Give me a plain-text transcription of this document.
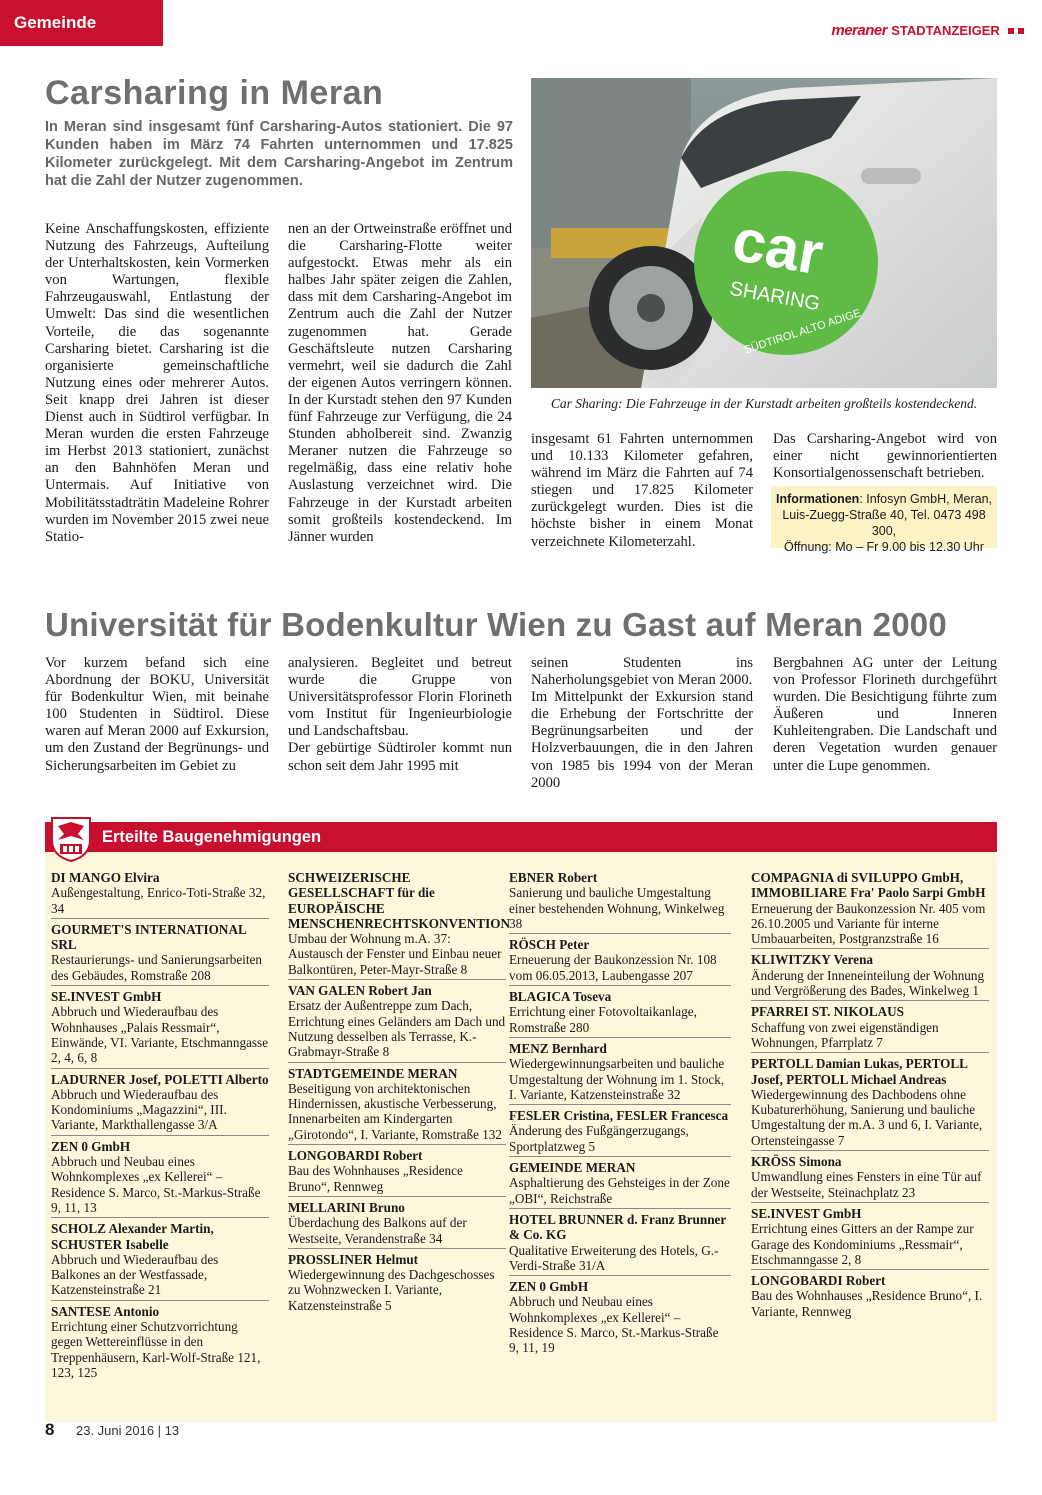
Gemeinde	meraner STADTANZEIGER
Carsharing in Meran
In Meran sind insgesamt fünf Carsharing-Autos stationiert. Die 97 Kunden haben im März 74 Fahrten unternommen und 17.825 Kilometer zurückgelegt. Mit dem Carsharing-Angebot im Zentrum hat die Zahl der Nutzer zugenommen.
Keine Anschaffungskosten, effiziente Nutzung des Fahrzeugs, Aufteilung der Unterhaltskosten, kein Vormerken von Wartungen, flexible Fahrzeugauswahl, Entlastung der Umwelt: Das sind die wesentlichen Vorteile, die das sogenannte Carsharing bietet. Carsharing ist die organisierte gemeinschaftliche Nutzung eines oder mehrerer Autos. Seit knapp drei Jahren ist dieser Dienst auch in Südtirol verfügbar. In Meran wurden die ersten Fahrzeuge im Herbst 2013 stationiert, zunächst an den Bahnhöfen Meran und Untermais. Auf Initiative von Mobilitätsstadträtin Madeleine Rohrer wurden im November 2015 zwei neue Statio-
nen an der Ortweinstraße eröffnet und die Carsharing-Flotte weiter aufgestockt. Etwas mehr als ein halbes Jahr später zeigen die Zahlen, dass mit dem Carsharing-Angebot im Zentrum auch die Zahl der Nutzer zugenommen hat. Gerade Geschäftsleute nutzen Carsharing vermehrt, weil sie dadurch die Zahl der eigenen Autos verringern können. In der Kurstadt stehen den 97 Kunden fünf Fahrzeuge zur Verfügung, die 24 Stunden abholbereit sind. Zwanzig Meraner nutzen die Fahrzeuge so regelmäßig, dass eine relativ hohe Auslastung verzeichnet wird. Die Fahrzeuge in der Kurstadt arbeiten somit großteils kostendeckend. Im Jänner wurden
insgesamt 61 Fahrten unternommen und 10.133 Kilometer gefahren, während im März die Fahrten auf 74 stiegen und 17.825 Kilometer zurückgelegt wurden. Dies ist die höchste bisher in einem Monat verzeichnete Kilometerzahl.
Das Carsharing-Angebot wird von einer nicht gewinnorientierten Konsortialgenossenschaft betrieben.
car
SHARING
SÜDTIROL ALTO ADIGE
Car Sharing: Die Fahrzeuge in der Kurstadt arbeiten großteils kostendeckend.
Informationen: Infosyn GmbH, Meran,
Luis-Zuegg-Straße 40, Tel. 0473 498 300,
Öffnung: Mo – Fr 9.00 bis 12.30 Uhr
Universität für Bodenkultur Wien zu Gast auf Meran 2000
Vor kurzem befand sich eine Abordnung der BOKU, Universität für Bodenkultur Wien, mit beinahe 100 Studenten in Südtirol. Diese waren auf Meran 2000 auf Exkursion, um den Zustand der Begrünungs- und Sicherungsarbeiten im Gebiet zu
analysieren. Begleitet und betreut wurde die Gruppe von Universitätsprofessor Florin Florineth vom Institut für Ingenieurbiologie und Landschaftsbau.
Der gebürtige Südtiroler kommt nun schon seit dem Jahr 1995 mit
seinen Studenten ins Naherholungsgebiet von Meran 2000.
Im Mittelpunkt der Exkursion stand die Erhebung der Fortschritte der Begrünungsarbeiten und der Holzverbauungen, die in den Jahren von 1985 bis 1994 von der Meran 2000
Bergbahnen AG unter der Leitung von Professor Florineth durchgeführt wurden. Die Besichtigung führte zum Äußeren und Inneren Kuhleitengraben. Die Landschaft und deren Vegetation wurden genauer unter die Lupe genommen.
Erteilte Baugenehmigungen
DI MANGO Elvira
Außengestaltung, Enrico-Toti-Straße 32, 34
GOURMET'S INTERNATIONAL SRL
Restaurierungs- und Sanierungsarbeiten des Gebäudes, Romstraße 208
SE.INVEST GmbH
Abbruch und Wiederaufbau des Wohnhauses „Palais Ressmair“, Einwände, VI. Variante, Etschmanngasse 2, 4, 6, 8
LADURNER Josef, POLETTI Alberto
Abbruch und Wiederaufbau des Kondominiums „Magazzini“, III. Variante, Markthallengasse 3/A
ZEN 0 GmbH
Abbruch und Neubau eines Wohnkomplexes „ex Kellerei“ – Residence S. Marco, St.-Markus-Straße 9, 11, 13
SCHOLZ Alexander Martin, SCHUSTER Isabelle
Abbruch und Wiederaufbau des Balkones an der Westfassade, Katzensteinstraße 21
SANTESE Antonio
Errichtung einer Schutzvorrichtung gegen Wettereinflüsse in den Treppenhäusern, Karl-Wolf-Straße 121, 123, 125
SCHWEIZERISCHE GESELLSCHAFT für die EUROPÄISCHE MENSCHENRECHTSKONVENTION
Umbau der Wohnung m.A. 37: Austausch der Fenster und Einbau neuer Balkontüren, Peter-Mayr-Straße 8
VAN GALEN Robert Jan
Ersatz der Außentreppe zum Dach, Errichtung eines Geländers am Dach und Nutzung desselben als Terrasse, K.-Grabmayr-Straße 8
STADTGEMEINDE MERAN
Beseitigung von architektonischen Hindernissen, akustische Verbesserung, Innenarbeiten am Kindergarten „Girotondo“, I. Variante, Romstraße 132
LONGOBARDI Robert
Bau des Wohnhauses „Residence Bruno“, Rennweg
MELLARINI Bruno
Überdachung des Balkons auf der Westseite, Verandenstraße 34
PROSSLINER Helmut
Wiedergewinnung des Dachgeschosses zu Wohnzwecken I. Variante, Katzensteinstraße 5
EBNER Robert
Sanierung und bauliche Umgestaltung einer bestehenden Wohnung, Winkelweg 38
RÖSCH Peter
Erneuerung der Baukonzession Nr. 108 vom 06.05.2013, Laubengasse 207
BLAGICA Toseva
Errichtung einer Fotovoltaikanlage, Romstraße 280
MENZ Bernhard
Wiedergewinnungsarbeiten und bauliche Umgestaltung der Wohnung im 1. Stock, I. Variante, Katzensteinstraße 32
FESLER Cristina, FESLER Francesca
Änderung des Fußgängerzugangs, Sportplatzweg 5
GEMEINDE MERAN
Asphaltierung des Gehsteiges in der Zone „OBI“, Reichstraße
HOTEL BRUNNER d. Franz Brunner & Co. KG
Qualitative Erweiterung des Hotels, G.-Verdi-Straße 31/A
ZEN 0 GmbH
Abbruch und Neubau eines Wohnkomplexes „ex Kellerei“ – Residence S. Marco, St.-Markus-Straße 9, 11, 19
COMPAGNIA di SVILUPPO GmbH, IMMOBILIARE Fra' Paolo Sarpi GmbH
Erneuerung der Baukonzession Nr. 405 vom 26.10.2005 und Variante für interne Umbauarbeiten, Postgranzstraße 16
KLIWITZKY Verena
Änderung der Inneneinteilung der Wohnung und Vergrößerung des Bades, Winkelweg 1
PFARREI ST. NIKOLAUS
Schaffung von zwei eigenständigen Wohnungen, Pfarrplatz 7
PERTOLL Damian Lukas, PERTOLL Josef, PERTOLL Michael Andreas
Wiedergewinnung des Dachbodens ohne Kubaturerhöhung, Sanierung und bauliche Umgestaltung der m.A. 3 und 6, I. Variante, Ortensteingasse 7
KRÖSS Simona
Umwandlung eines Fensters in eine Tür auf der Westseite, Steinachplatz 23
SE.INVEST GmbH
Errichtung eines Gitters an der Rampe zur Garage des Kondominiums „Ressmair“, Etschmanngasse 2, 8
LONGOBARDI Robert
Bau des Wohnhauses „Residence Bruno“, I. Variante, Rennweg
8 23. Juni 2016 | 13
